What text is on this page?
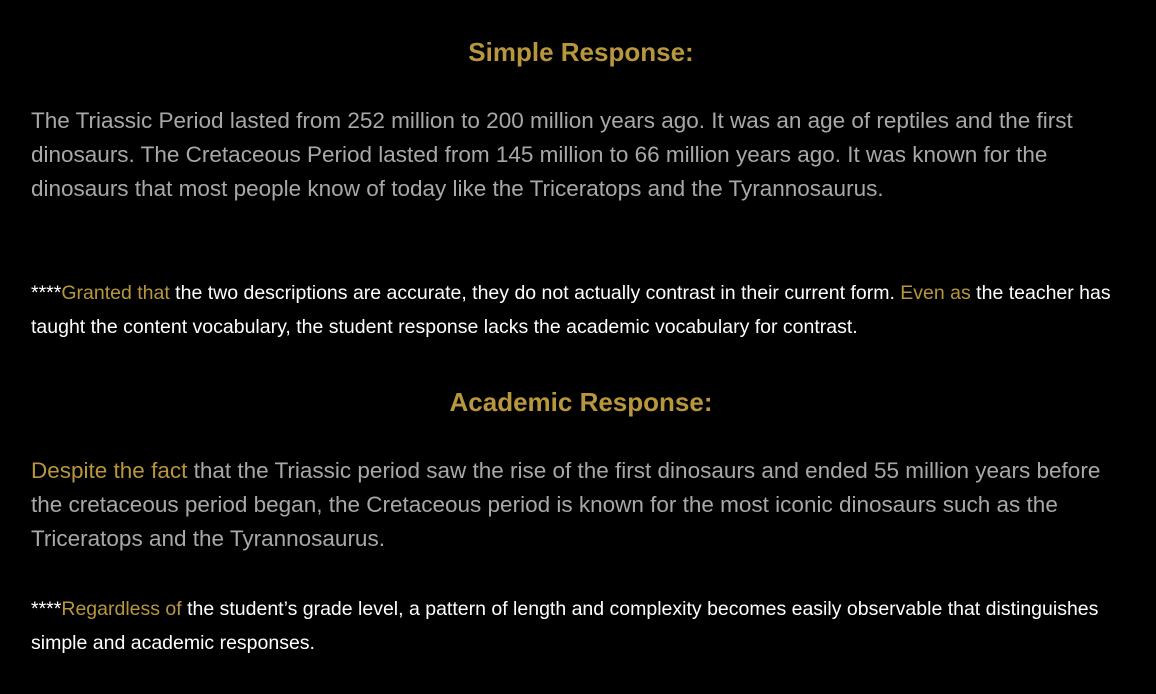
Simple Response:

The Triassic Period lasted from 252 million to 200 million years ago. It was an age of reptiles and the first dinosaurs. The Cretaceous Period lasted from 145 million to 66 million years ago. It was known for the dinosaurs that most people know of today like the Triceratops and the Tyrannosaurus.

****Granted that the two descriptions are accurate, they do not actually contrast in their current form. Even as the teacher has taught the content vocabulary, the student response lacks the academic vocabulary for contrast.

Academic Response:

Despite the fact that the Triassic period saw the rise of the first dinosaurs and ended 55 million years before the cretaceous period began, the Cretaceous period is known for the most iconic dinosaurs such as the Triceratops and the Tyrannosaurus.

****Regardless of the student’s grade level, a pattern of length and complexity becomes easily observable that distinguishes simple and academic responses.
